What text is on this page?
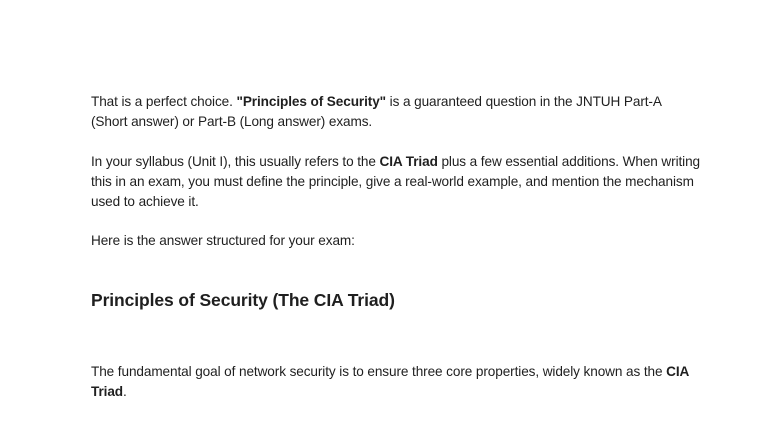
That is a perfect choice. "Principles of Security" is a guaranteed question in the JNTUH Part-A (Short answer) or Part-B (Long answer) exams.

In your syllabus (Unit I), this usually refers to the CIA Triad plus a few essential additions. When writing this in an exam, you must define the principle, give a real-world example, and mention the mechanism used to achieve it.

Here is the answer structured for your exam:

Principles of Security (The CIA Triad)

The fundamental goal of network security is to ensure three core properties, widely known as the CIA Triad.
